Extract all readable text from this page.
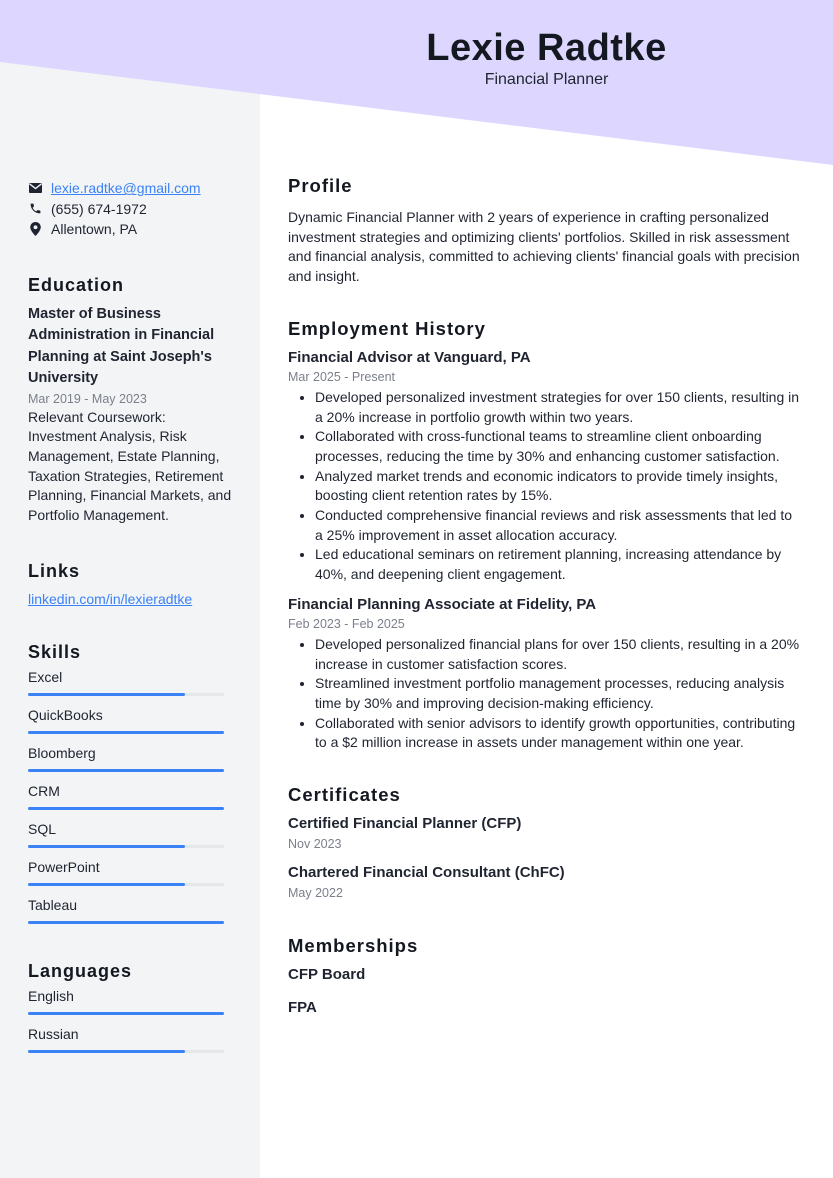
Lexie Radtke
Financial Planner
lexie.radtke@gmail.com
(655) 674-1972
Allentown, PA
Education
Master of Business Administration in Financial Planning at Saint Joseph's University
Mar 2019 - May 2023
Relevant Coursework: Investment Analysis, Risk Management, Estate Planning, Taxation Strategies, Retirement Planning, Financial Markets, and Portfolio Management.
Links
linkedin.com/in/lexieradtke
Skills
Excel
QuickBooks
Bloomberg
CRM
SQL
PowerPoint
Tableau
Languages
English
Russian
Profile
Dynamic Financial Planner with 2 years of experience in crafting personalized investment strategies and optimizing clients' portfolios. Skilled in risk assessment and financial analysis, committed to achieving clients' financial goals with precision and insight.
Employment History
Financial Advisor at Vanguard, PA
Mar 2025 - Present
• Developed personalized investment strategies for over 150 clients, resulting in a 20% increase in portfolio growth within two years.
• Collaborated with cross-functional teams to streamline client onboarding processes, reducing the time by 30% and enhancing customer satisfaction.
• Analyzed market trends and economic indicators to provide timely insights, boosting client retention rates by 15%.
• Conducted comprehensive financial reviews and risk assessments that led to a 25% improvement in asset allocation accuracy.
• Led educational seminars on retirement planning, increasing attendance by 40%, and deepening client engagement.
Financial Planning Associate at Fidelity, PA
Feb 2023 - Feb 2025
• Developed personalized financial plans for over 150 clients, resulting in a 20% increase in customer satisfaction scores.
• Streamlined investment portfolio management processes, reducing analysis time by 30% and improving decision-making efficiency.
• Collaborated with senior advisors to identify growth opportunities, contributing to a $2 million increase in assets under management within one year.
Certificates
Certified Financial Planner (CFP)
Nov 2023
Chartered Financial Consultant (ChFC)
May 2022
Memberships
CFP Board
FPA
